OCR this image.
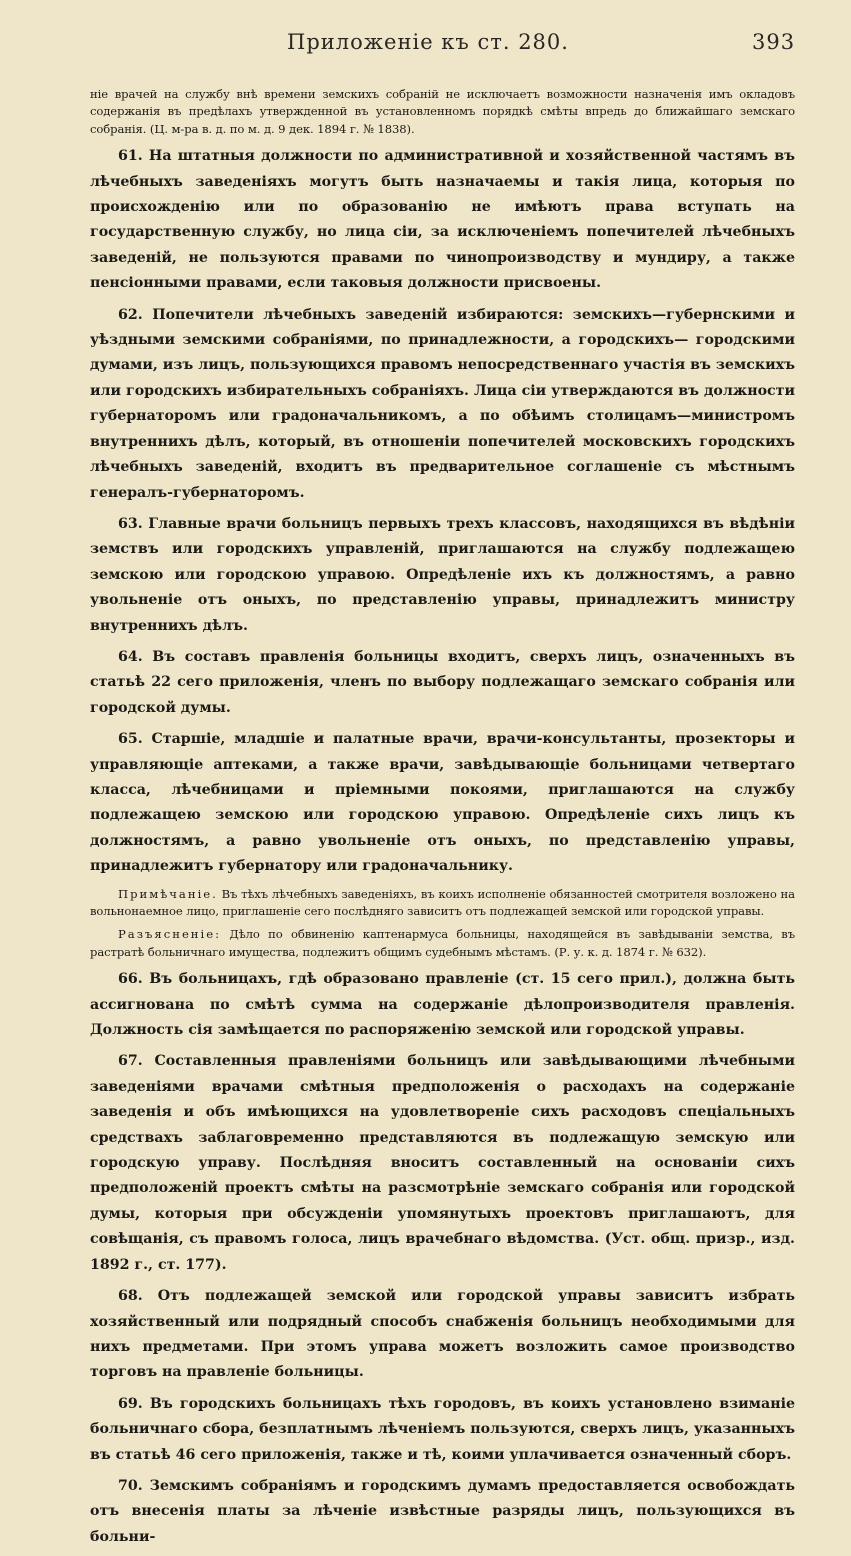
Приложеніе къ ст. 280.	393

ніе врачей на службу внѣ времени земскихъ собраній не исключаетъ возможности назначенія имъ окладовъ содержанія въ предѣлахъ утвержденной въ установленномъ порядкѣ смѣты впредь до ближайшаго земскаго собранія. (Ц. м-ра в. д. по м. д. 9 дек. 1894 г. № 1838).

61. На штатныя должности по административной и хозяйственной частямъ въ лѣчебныхъ заведеніяхъ могутъ быть назначаемы и такія лица, которыя по происхожденію или по образованію не имѣютъ права вступать на государственную службу, но лица сіи, за исключеніемъ попечителей лѣчебныхъ заведеній, не пользуются правами по чинопроизводству и мундиру, а также пенсіонными правами, если таковыя должности присвоены.

62. Попечители лѣчебныхъ заведеній избираются: земскихъ—губернскими и уѣздными земскими собраніями, по принадлежности, а городскихъ— городскими думами, изъ лицъ, пользующихся правомъ непосредственнаго участія въ земскихъ или городскихъ избирательныхъ собраніяхъ. Лица сіи утверждаются въ должности губернаторомъ или градоначальникомъ, а по обѣимъ столицамъ—министромъ внутреннихъ дѣлъ, который, въ отношеніи попечителей московскихъ городскихъ лѣчебныхъ заведеній, входитъ въ предварительное соглашеніе съ мѣстнымъ генералъ-губернаторомъ.

63. Главные врачи больницъ первыхъ трехъ классовъ, находящихся въ вѣдѣніи земствъ или городскихъ управленій, приглашаются на службу подлежащею земскою или городскою управою. Опредѣленіе ихъ къ должностямъ, а равно увольненіе отъ оныхъ, по представленію управы, принадлежитъ министру внутреннихъ дѣлъ.

64. Въ составъ правленія больницы входитъ, сверхъ лицъ, означенныхъ въ статьѣ 22 сего приложенія, членъ по выбору подлежащаго земскаго собранія или городской думы.

65. Старшіе, младшіе и палатные врачи, врачи-консультанты, прозекторы и управляющіе аптеками, а также врачи, завѣдывающіе больницами четвертаго класса, лѣчебницами и пріемными покоями, приглашаются на службу подлежащею земскою или городскою управою. Опредѣленіе сихъ лицъ къ должностямъ, а равно увольненіе отъ оныхъ, по представленію управы, принадлежитъ губернатору или градоначальнику.

Примѣчаніе. Въ тѣхъ лѣчебныхъ заведеніяхъ, въ коихъ исполненіе обязанностей смотрителя возложено на вольнонаемное лицо, приглашеніе сего послѣдняго зависитъ отъ подлежащей земской или городской управы.

Разъясненіе: Дѣло по обвиненію каптенармуса больницы, находящейся въ завѣдываніи земства, въ растратѣ больничнаго имущества, подлежитъ общимъ судебнымъ мѣстамъ. (Р. у. к. д. 1874 г. № 632).

66. Въ больницахъ, гдѣ образовано правленіе (ст. 15 сего прил.), должна быть ассигнована по смѣтѣ сумма на содержаніе дѣлопроизводителя правленія. Должность сія замѣщается по распоряженію земской или городской управы.

67. Составленныя правленіями больницъ или завѣдывающими лѣчебными заведеніями врачами смѣтныя предположенія о расходахъ на содержаніе заведенія и объ имѣющихся на удовлетвореніе сихъ расходовъ спеціальныхъ средствахъ заблаговременно представляются въ подлежащую земскую или городскую управу. Послѣдняя вноситъ составленный на основаніи сихъ предположеній проектъ смѣты на разсмотрѣніе земскаго собранія или городской думы, которыя при обсужденіи упомянутыхъ проектовъ приглашаютъ, для совѣщанія, съ правомъ голоса, лицъ врачебнаго вѣдомства. (Уст. общ. призр., изд. 1892 г., ст. 177).

68. Отъ подлежащей земской или городской управы зависитъ избрать хозяйственный или подрядный способъ снабженія больницъ необходимыми для нихъ предметами. При этомъ управа можетъ возложить самое производство торговъ на правленіе больницы.

69. Въ городскихъ больницахъ тѣхъ городовъ, въ коихъ установлено взиманіе больничнаго сбора, безплатнымъ лѣченіемъ пользуются, сверхъ лицъ, указанныхъ въ статьѣ 46 сего приложенія, также и тѣ, коими уплачивается означенный сборъ.

70. Земскимъ собраніямъ и городскимъ думамъ предоставляется освобождать отъ внесенія платы за лѣченіе извѣстные разряды лицъ, пользующихся въ больни-
